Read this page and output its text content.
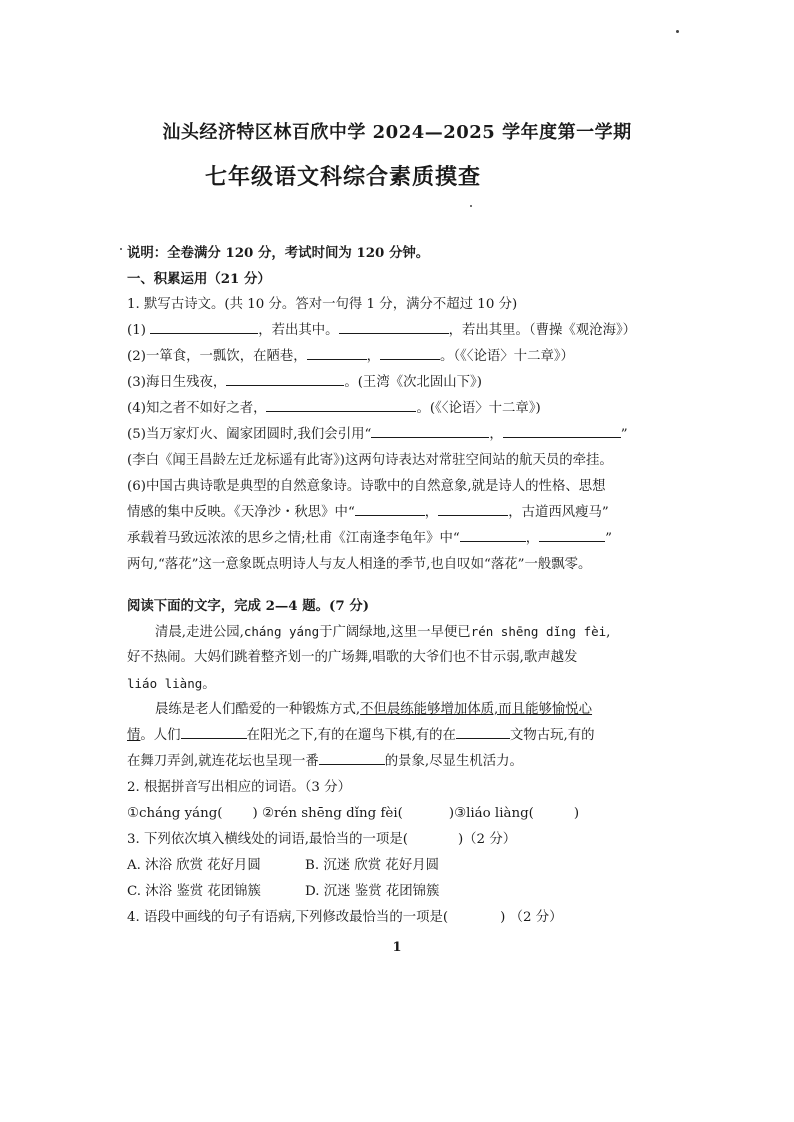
汕头经济特区林百欣中学 2024—2025 学年度第一学期
七年级语文科综合素质摸查
说明：全卷满分 120 分，考试时间为 120 分钟。
一、积累运用（21 分）
1. 默写古诗文。(共 10 分。答对一句得 1 分，满分不超过 10 分)
(1)	，若出其中。	，若出其里。（曹操《观沧海》）
(2)一箪食，一瓢饮，在陋巷，	，	。（《〈论语〉十二章》）
(3)海日生残夜，	。(王湾《次北固山下》)
(4)知之者不如好之者，	。(《〈论语〉十二章》)
(5)当万家灯火、阖家团圆时,我们会引用“	，	”
(李白《闻王昌龄左迁龙标遥有此寄》)这两句诗表达对常驻空间站的航天员的牵挂。
(6)中国古典诗歌是典型的自然意象诗。诗歌中的自然意象,就是诗人的性格、思想
情感的集中反映。《天净沙・秋思》中“	，	，古道西风瘦马”
承载着马致远浓浓的思乡之情;杜甫《江南逢李龟年》中“	，	”
两句,“落花”这一意象既点明诗人与友人相逢的季节,也自叹如“落花”一般飘零。
阅读下面的文字，完成 2—4 题。(7 分)
清晨,走进公园,cháng yáng于广阔绿地,这里一早便已rén shēng dǐng fèi,
好不热闹。大妈们跳着整齐划一的广场舞,唱歌的大爷们也不甘示弱,歌声越发
liáo liàng。
晨练是老人们酷爱的一种锻炼方式,不但晨练能够增加体质,而且能够愉悦心
情。人们	在阳光之下,有的在遛鸟下棋,有的在	文物古玩,有的
在舞刀弄剑,就连花坛也呈现一番	的景象,尽显生机活力。
2. 根据拼音写出相应的词语。（3 分）
①cháng yáng( ) ②rén shēng dǐng fèi(	)③liáo liàng(	)
3. 下列依次填入横线处的词语,最恰当的一项是(	)（2 分）
A. 沐浴 欣赏 花好月圆	B. 沉迷 欣赏 花好月圆
C. 沐浴 鉴赏 花团锦簇	D. 沉迷 鉴赏 花团锦簇
4. 语段中画线的句子有语病,下列修改最恰当的一项是(	) （2 分）
1
